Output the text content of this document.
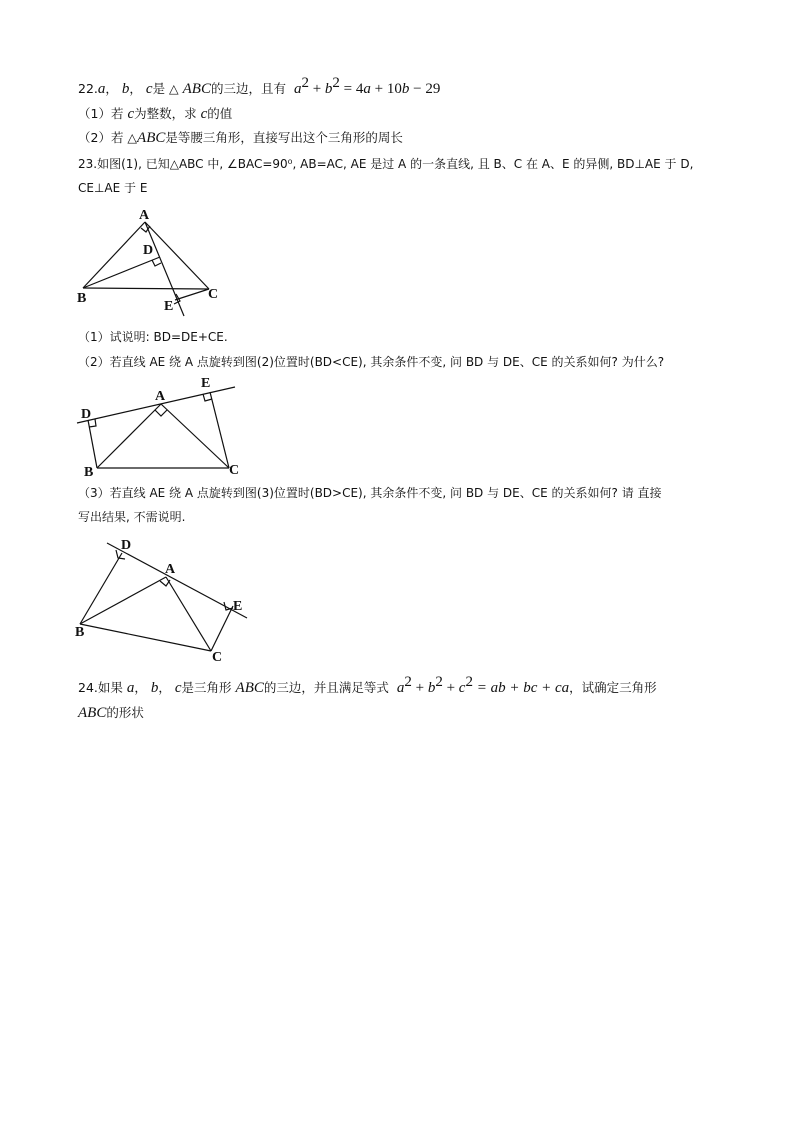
22.a， b， c是 △ ABC的三边，且有 $a^2 + b^2 = 4a + 10b - 29$
（1）若 c为整数，求 c的值
（2）若 △ABC是等腰三角形，直接写出这个三角形的周长
23.如图(1), 已知△ABC 中, ∠BAC=90⁰, AB=AC, AE 是过 A 的一条直线, 且 B、C 在 A、E 的异侧, BD⊥AE 于 D,
CE⊥AE 于 E
A
D
B	C
E
（1）试说明: BD=DE+CE.
（2）若直线 AE 绕 A 点旋转到图(2)位置时(BD<CE), 其余条件不变, 问 BD 与 DE、CE 的关系如何? 为什么?
A
D
E
B	C
（3）若直线 AE 绕 A 点旋转到图(3)位置时(BD>CE), 其余条件不变, 问 BD 与 DE、CE 的关系如何? 请 直接
写出结果, 不需说明.
D
A
E
B
C
24.如果 a， b， c是三角形 ABC的三边，并且满足等式 $a^2 + b^2 + c^2$ = ab + bc + ca，试确定三角形
ABC的形状
